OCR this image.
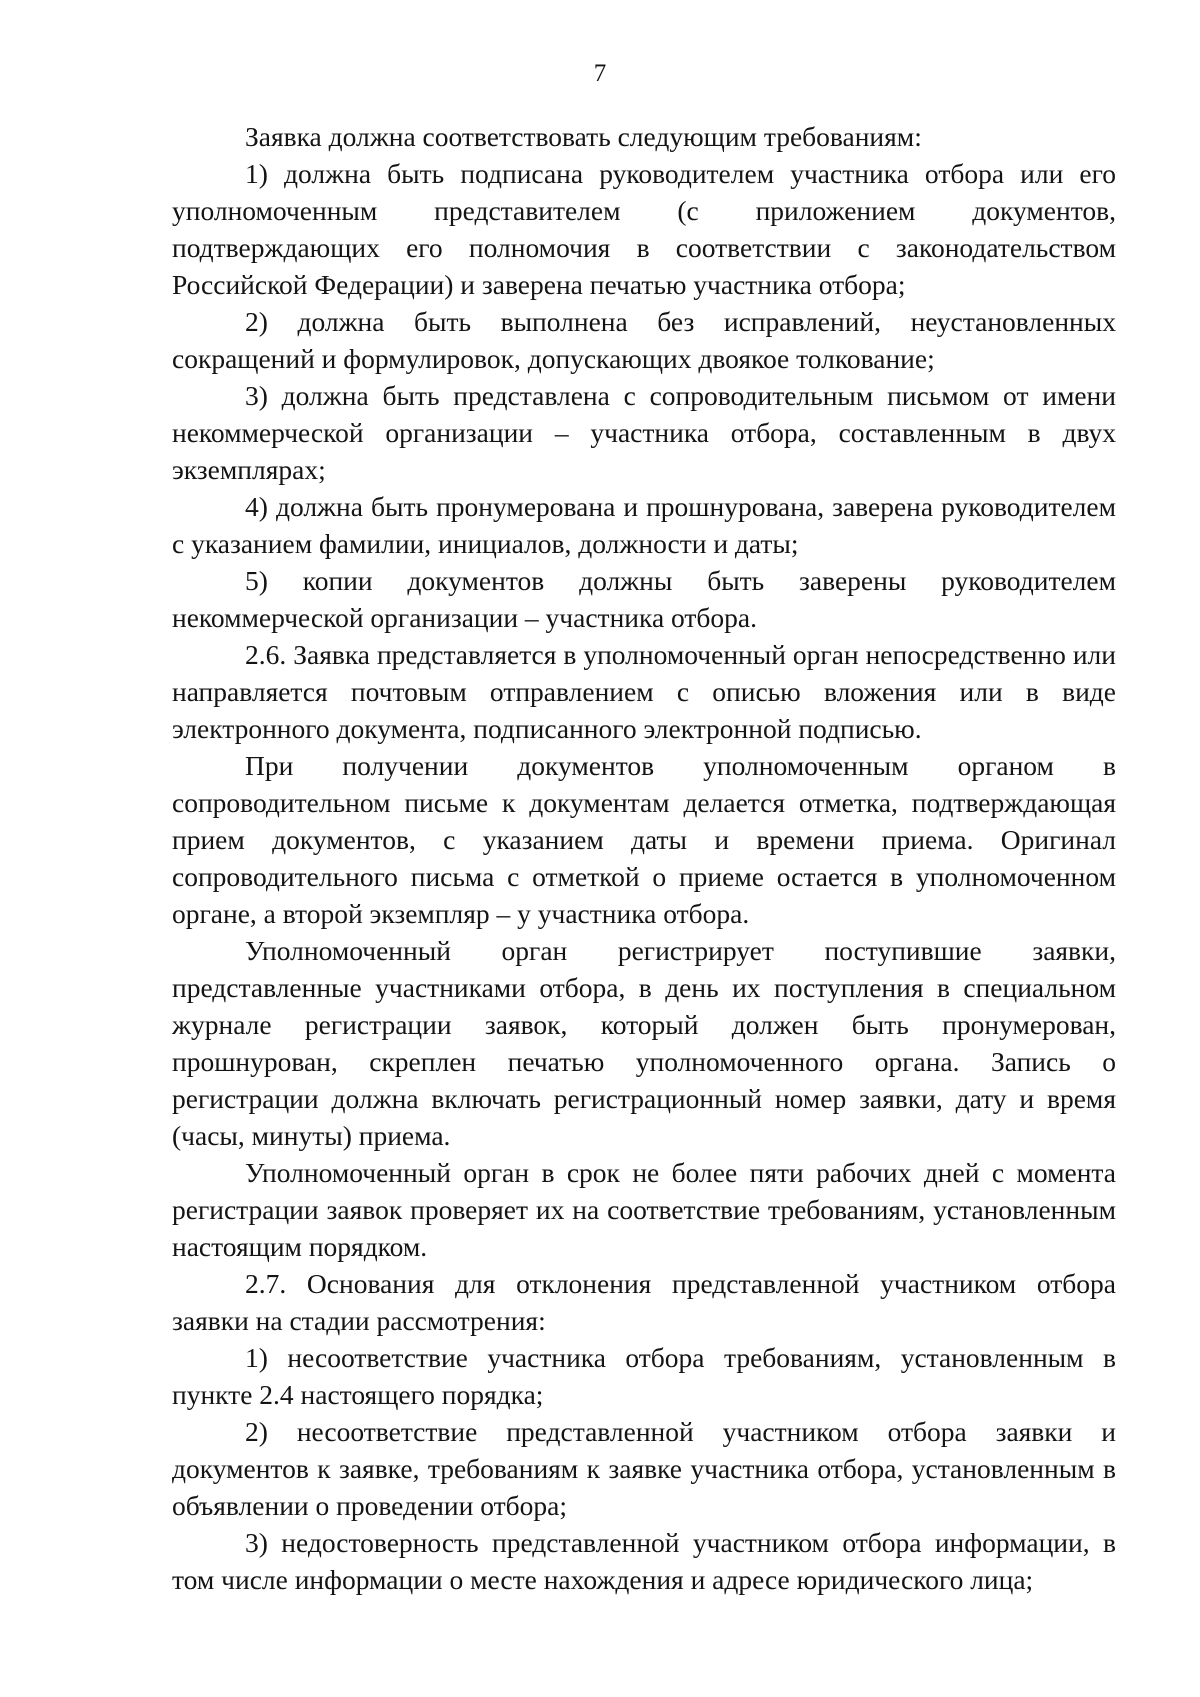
7

Заявка должна соответствовать следующим требованиям:

1) должна быть подписана руководителем участника отбора или его уполномоченным представителем (с приложением документов, подтверждающих его полномочия в соответствии с законодательством Российской Федерации) и заверена печатью участника отбора;

2) должна быть выполнена без исправлений, неустановленных сокращений и формулировок, допускающих двоякое толкование;

3) должна быть представлена с сопроводительным письмом от имени некоммерческой организации – участника отбора, составленным в двух экземплярах;

4) должна быть пронумерована и прошнурована, заверена руководителем с указанием фамилии, инициалов, должности и даты;

5) копии документов должны быть заверены руководителем некоммерческой организации – участника отбора.

2.6. Заявка представляется в уполномоченный орган непосредственно или направляется почтовым отправлением с описью вложения или в виде электронного документа, подписанного электронной подписью.

При получении документов уполномоченным органом в сопроводительном письме к документам делается отметка, подтверждающая прием документов, с указанием даты и времени приема. Оригинал сопроводительного письма с отметкой о приеме остается в уполномоченном органе, а второй экземпляр – у участника отбора.

Уполномоченный орган регистрирует поступившие заявки, представленные участниками отбора, в день их поступления в специальном журнале регистрации заявок, который должен быть пронумерован, прошнурован, скреплен печатью уполномоченного органа. Запись о регистрации должна включать регистрационный номер заявки, дату и время (часы, минуты) приема.

Уполномоченный орган в срок не более пяти рабочих дней с момента регистрации заявок проверяет их на соответствие требованиям, установленным настоящим порядком.

2.7. Основания для отклонения представленной участником отбора заявки на стадии рассмотрения:

1) несоответствие участника отбора требованиям, установленным в пункте 2.4 настоящего порядка;

2) несоответствие представленной участником отбора заявки и документов к заявке, требованиям к заявке участника отбора, установленным в объявлении о проведении отбора;

3) недостоверность представленной участником отбора информации, в том числе информации о месте нахождения и адресе юридического лица;
